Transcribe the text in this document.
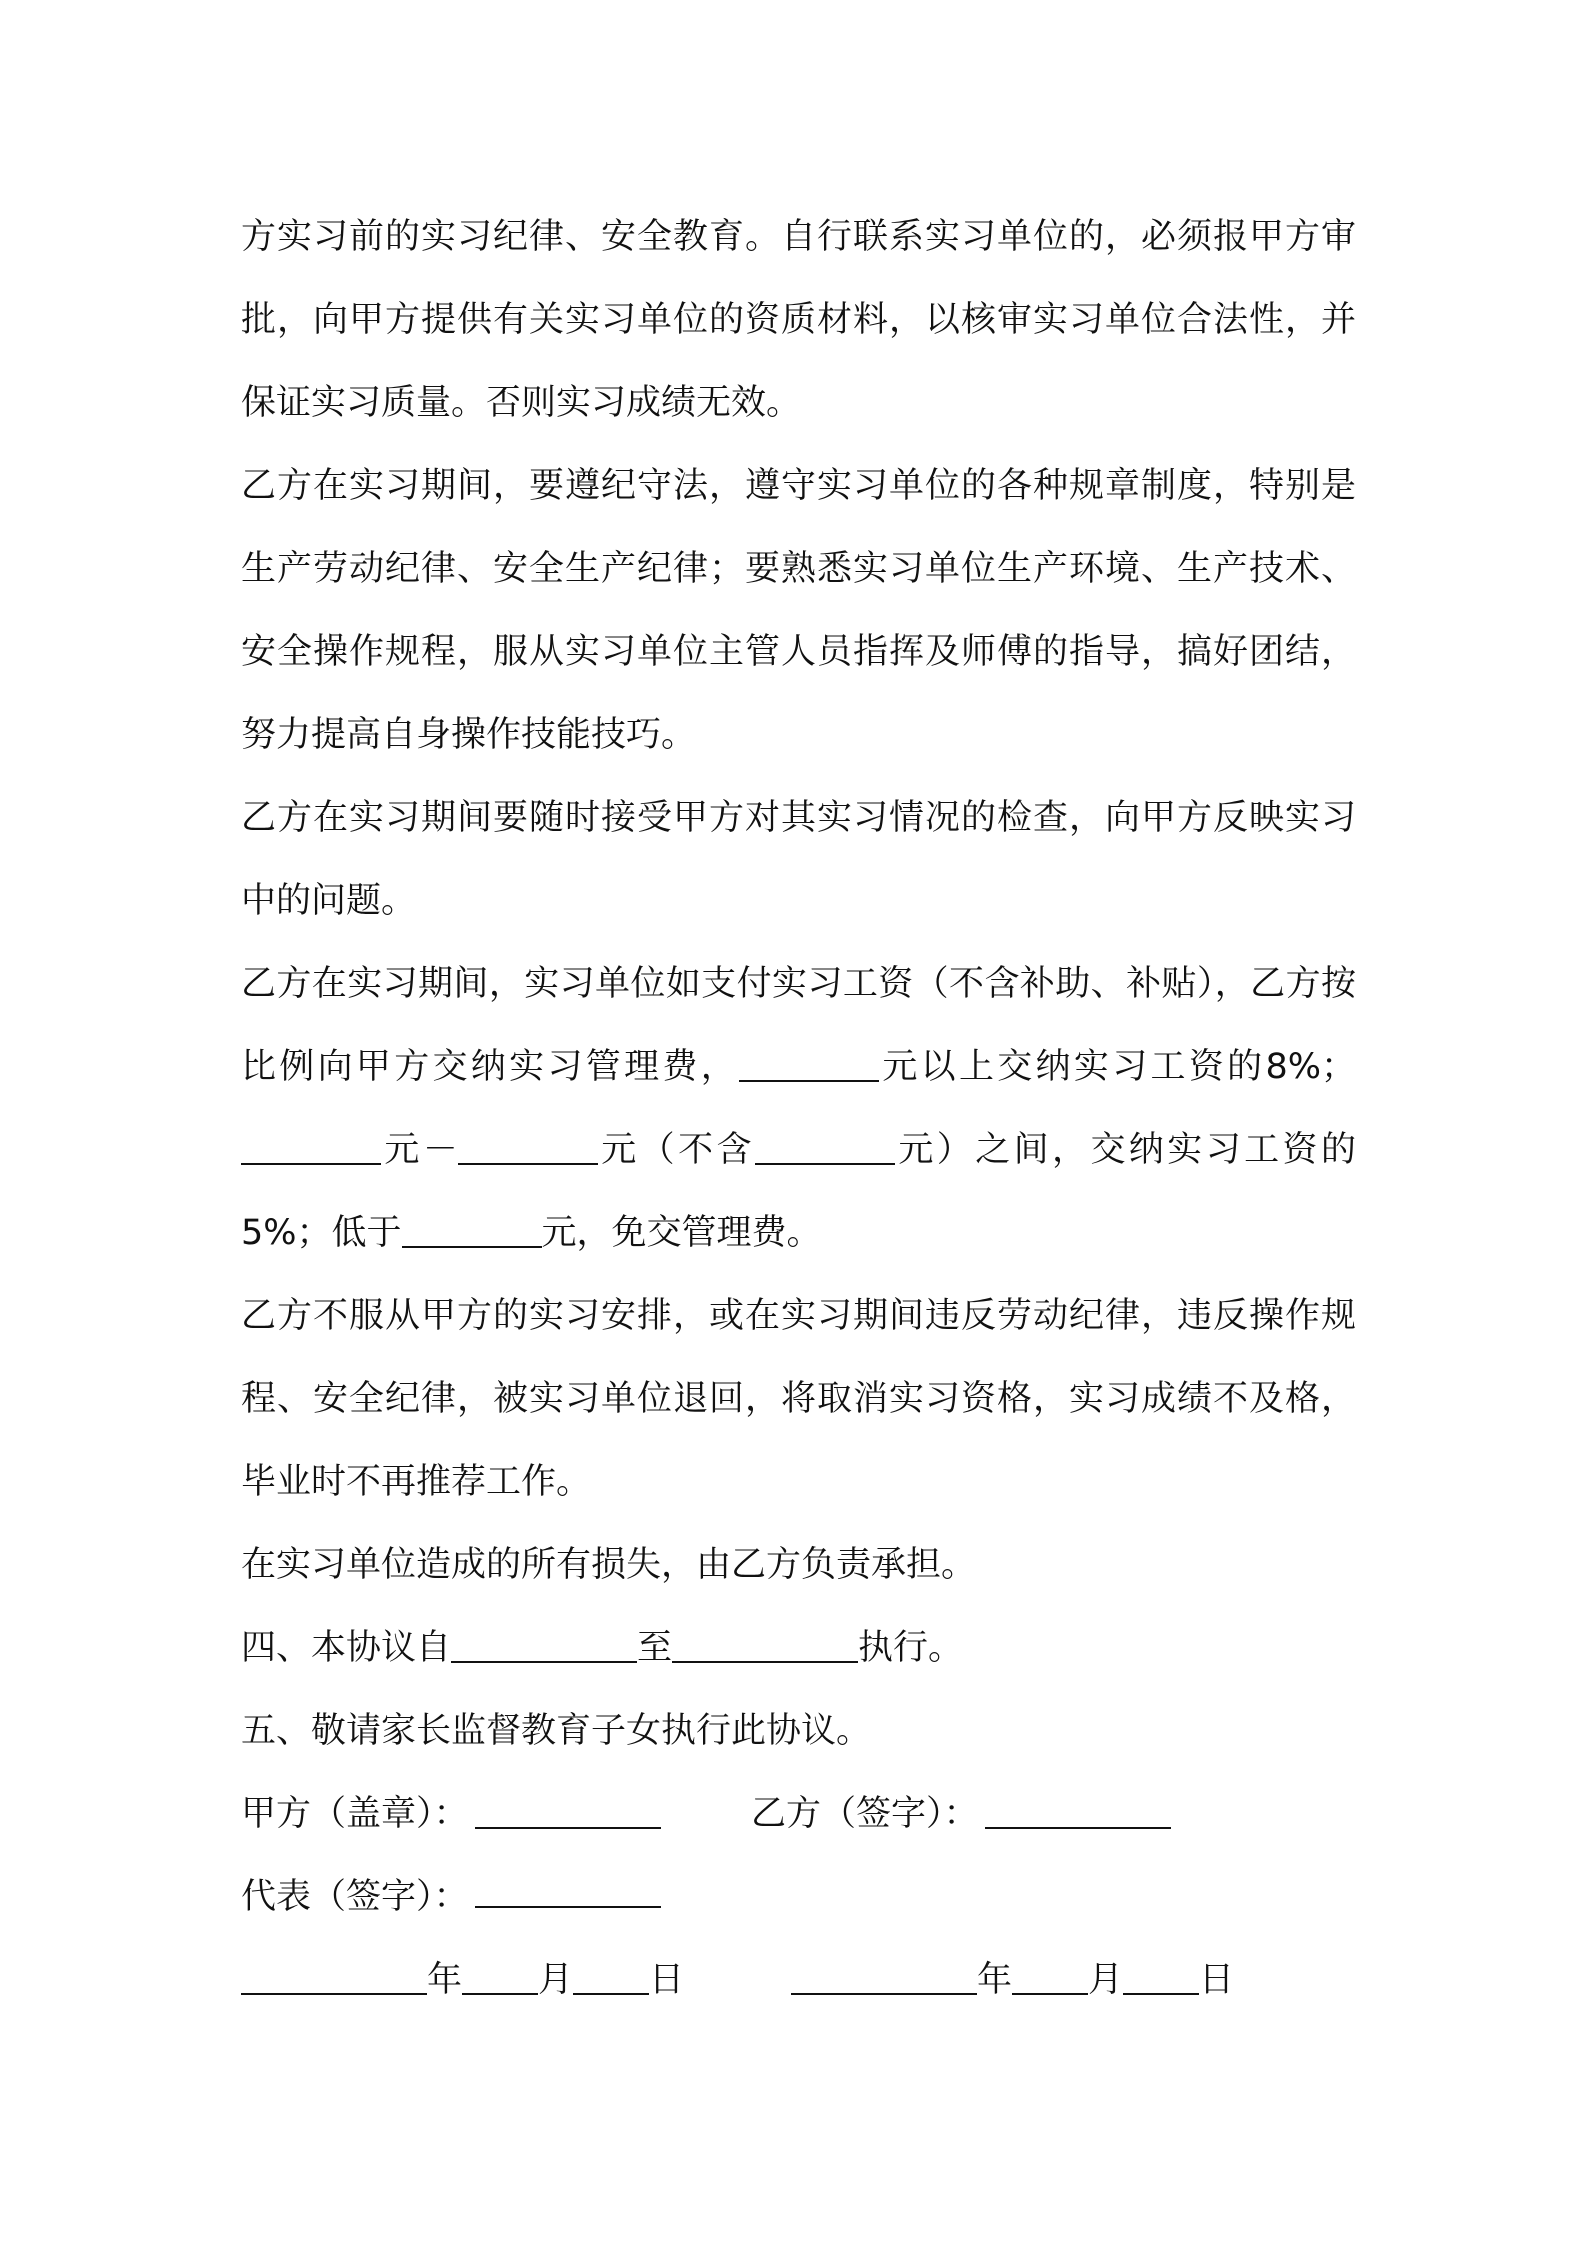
方实习前的实习纪律、安全教育。自行联系实习单位的，必须报甲方审批，向甲方提供有关实习单位的资质材料，以核审实习单位合法性，并保证实习质量。否则实习成绩无效。

乙方在实习期间，要遵纪守法，遵守实习单位的各种规章制度，特别是生产劳动纪律、安全生产纪律；要熟悉实习单位生产环境、生产技术、安全操作规程，服从实习单位主管人员指挥及师傅的指导，搞好团结，努力提高自身操作技能技巧。

乙方在实习期间要随时接受甲方对其实习情况的检查，向甲方反映实习中的问题。

乙方在实习期间，实习单位如支付实习工资（不含补助、补贴），乙方按比例向甲方交纳实习管理费，	元以上交纳实习工资的8%；元－	元（不含	元）之间，交纳实习工资的5%；低于	元，免交管理费。

乙方不服从甲方的实习安排，或在实习期间违反劳动纪律，违反操作规程、安全纪律，被实习单位退回，将取消实习资格，实习成绩不及格，毕业时不再推荐工作。

在实习单位造成的所有损失，由乙方负责承担。

四、本协议自	至	执行。

五、敬请家长监督教育子女执行此协议。

甲方（盖章）：	乙方（签字）：
代表（签字）：
年 月 日	年 月 日
